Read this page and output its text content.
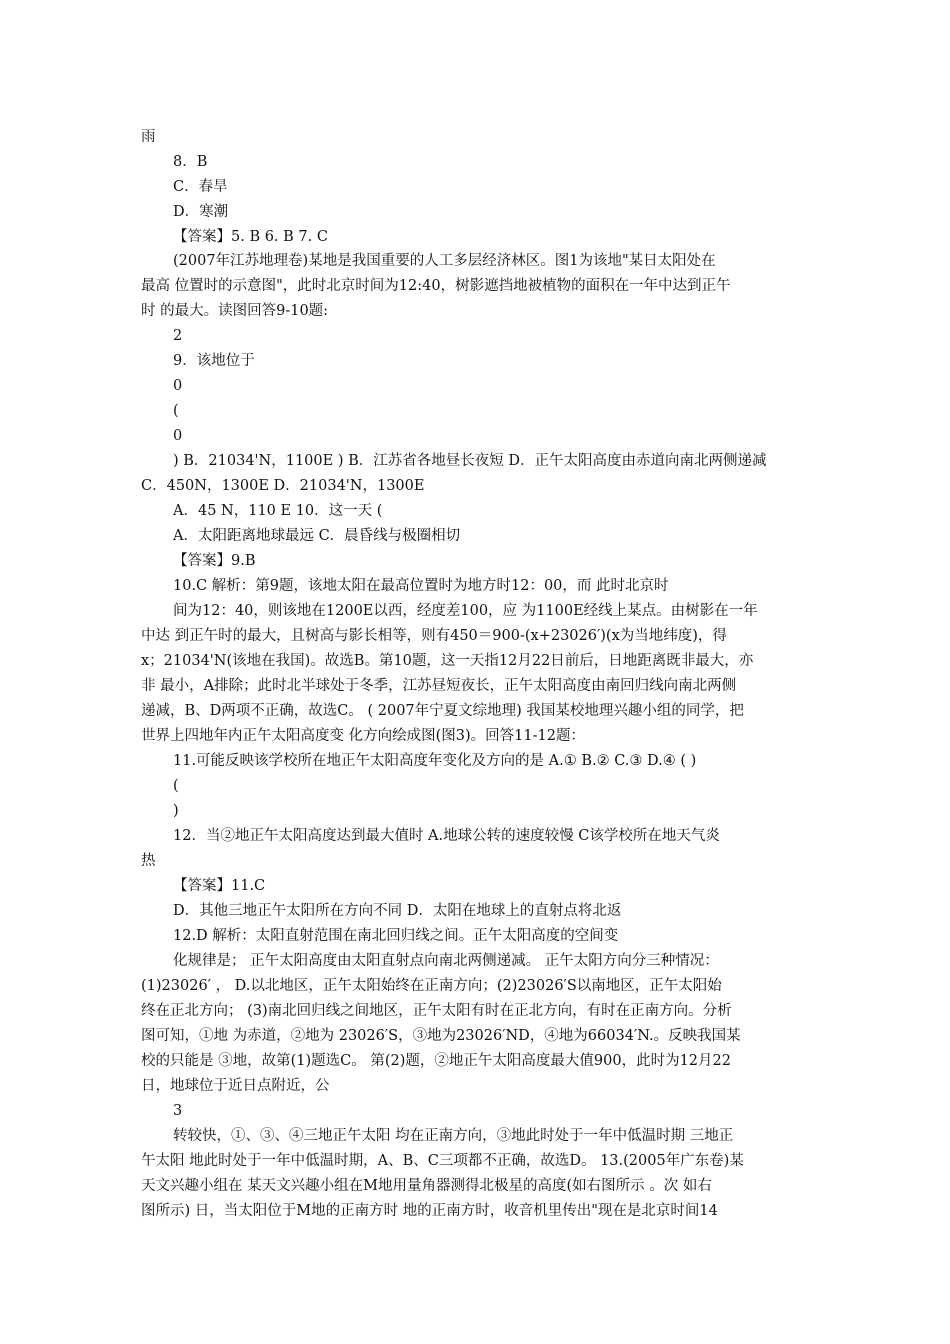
雨
8．B
C．春旱
D．寒潮
【答案】5. B 6. B 7. C
(2007年江苏地理卷)某地是我国重要的人工多层经济林区。图1为该地"某日太阳处在
最高 位置时的示意图"，此时北京时间为12:40，树影遮挡地被植物的面积在一年中达到正午
时 的最大。读图回答9-10题:
2
9．该地位于
0
(
0
) B．21034'N，1100E ) B．江苏省各地昼长夜短 D．正午太阳高度由赤道向南北两侧递减
C．450N，1300E D．21034'N，1300E
A．45 N，110 E 10．这一天 (
A．太阳距离地球最远 C．晨昏线与极圈相切
【答案】9.B
10.C 解析：第9题，该地太阳在最高位置时为地方时12：00，而 此时北京时
间为12：40，则该地在1200E以西，经度差100，应 为1100E经线上某点。由树影在一年
中达 到正午时的最大，且树高与影长相等，则有450＝900-(x+23026′)(x为当地纬度)，得
x；21034'N(该地在我国)。故选B。第10题，这一天指12月22日前后，日地距离既非最大，亦
非 最小，A排除；此时北半球处于冬季，江苏昼短夜长，正午太阳高度由南回归线向南北两侧
递减，B、D两项不正确，故选C。 ( 2007年宁夏文综地理) 我国某校地理兴趣小组的同学，把
世界上四地年内正午太阳高度变 化方向绘成图(图3)。回答11-12题：
11.可能反映该学校所在地正午太阳高度年变化及方向的是 A.① B.② C.③ D.④ ( )
(
)
12．当②地正午太阳高度达到最大值时 A.地球公转的速度较慢 C该学校所在地天气炎
热
【答案】11.C
D．其他三地正午太阳所在方向不同 D．太阳在地球上的直射点将北返
12.D 解析：太阳直射范围在南北回归线之间。正午太阳高度的空间变
化规律是； 正午太阳高度由太阳直射点向南北两侧递减。 正午太阳方向分三种情况：
(1)23026′ ， D.以北地区，正午太阳始终在正南方向；(2)23026′S以南地区，正午太阳始
终在正北方向； (3)南北回归线之间地区，正午太阳有时在正北方向，有时在正南方向。分析
图可知，①地 为赤道，②地为 23026′S，③地为23026′ND，④地为66034′N.。反映我国某
校的只能是 ③地，故第(1)题选C。 第(2)题，②地正午太阳高度最大值900，此时为12月22
日，地球位于近日点附近，公
3
转较快，①、③、④三地正午太阳 均在正南方向，③地此时处于一年中低温时期 三地正
午太阳 地此时处于一年中低温时期，A、B、C三项都不正确，故选D。 13.(2005年广东卷)某
天文兴趣小组在 某天文兴趣小组在M地用量角器测得北极星的高度(如右图所示 。次 如右
图所示) 日，当太阳位于M地的正南方时 地的正南方时，收音机里传出"现在是北京时间14
